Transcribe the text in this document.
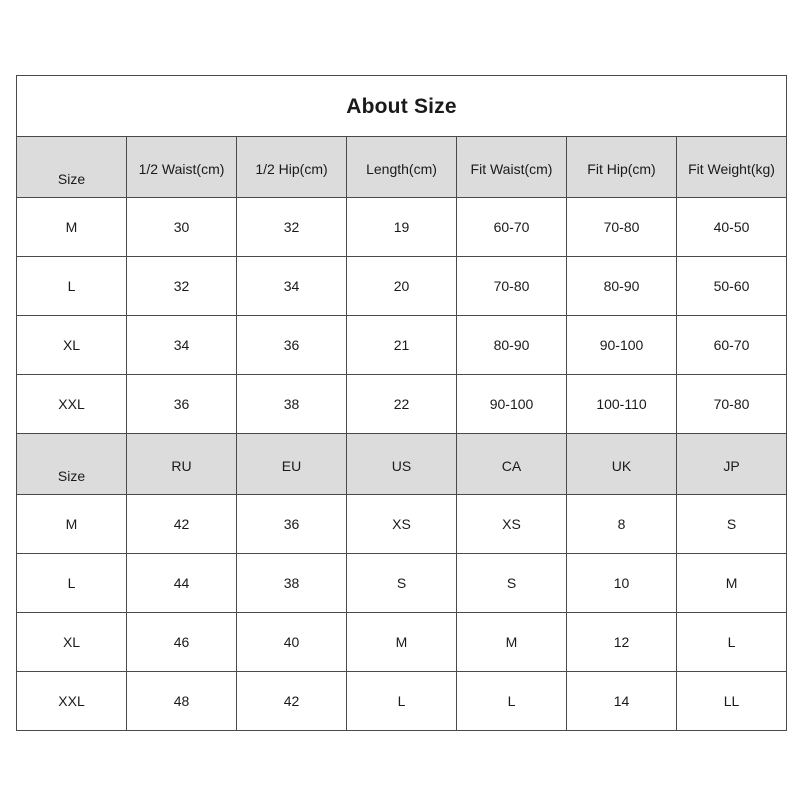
About Size						
Size	1/2 Waist(cm)	1/2 Hip(cm)	Length(cm)	Fit Waist(cm)	Fit Hip(cm)	Fit Weight(kg)
M	30	32	19	60-70	70-80	40-50
L	32	34	20	70-80	80-90	50-60
XL	34	36	21	80-90	90-100	60-70
XXL	36	38	22	90-100	100-110	70-80
Size	RU	EU	US	CA	UK	JP
M	42	36	XS	XS	8	S
L	44	38	S	S	10	M
XL	46	40	M	M	12	L
XXL	48	42	L	L	14	LL
